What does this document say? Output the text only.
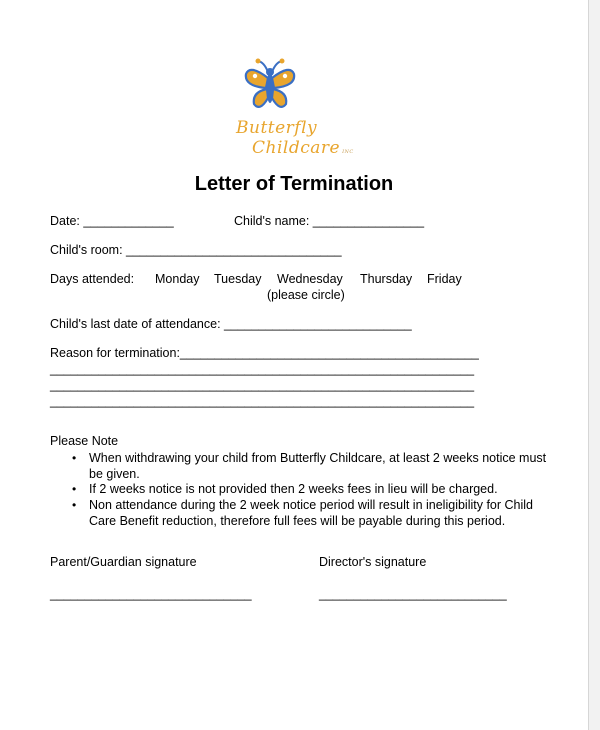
Butterfly
Childcare INC
Letter of Termination
Date: _____________	Child's name: ________________
Child's room: _______________________________
Days attended: Monday Tuesday Wednesday Thursday Friday
(please circle)
Child's last date of attendance: ___________________________
Reason for termination:___________________________________________
_____________________________________________________________
_____________________________________________________________
_____________________________________________________________
Please Note
• When withdrawing your child from Butterfly Childcare, at least 2 weeks notice must
be given.
• If 2 weeks notice is not provided then 2 weeks fees in lieu will be charged.
• Non attendance during the 2 week notice period will result in ineligibility for Child
Care Benefit reduction, therefore full fees will be payable during this period.
Parent/Guardian signature	Director's signature
_____________________________	___________________________
